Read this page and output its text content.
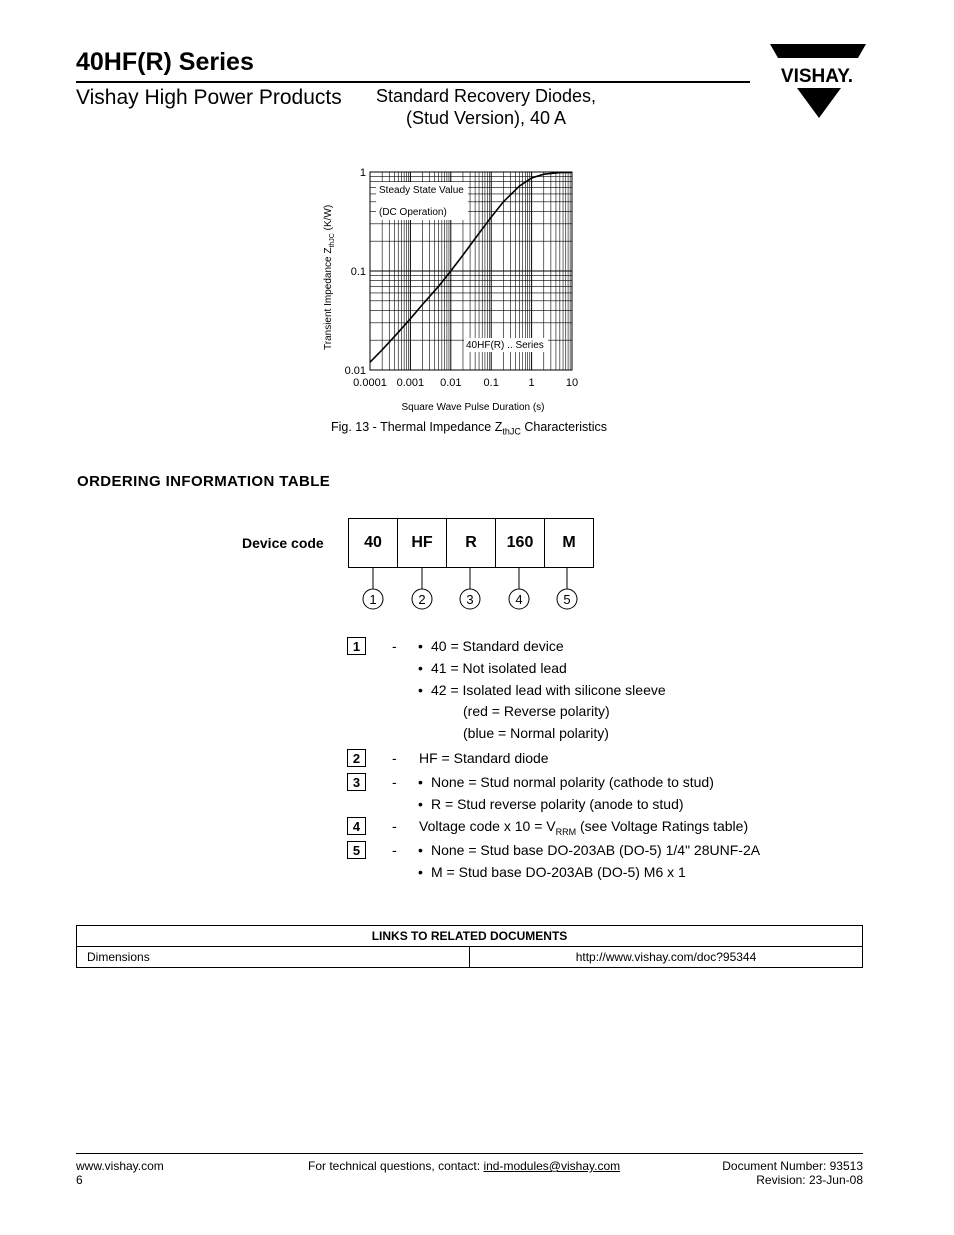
40HF(R) Series
Vishay High Power Products	Standard Recovery Diodes,
(Stud Version), 40 A
VISHAY.
0.0001 0.001 0.01 0.1	1	10
0.01
0.1
1
Steady State Value
(DC Operation)
40HF(R) .. Series
Square Wave Pulse Duration (s)
Transient Impedance $Z_{thJC}$ (K/W)
Fig. 13 - Thermal Impedance $Z_{thJC}$ Characteristics
ORDERING INFORMATION TABLE
Device code	40	HF	R	160	M
1	2	3	4	5
1	- • 40 = Standard device
• 41 = Not isolated lead
• 42 = Isolated lead with silicone sleeve
(red = Reverse polarity)
(blue = Normal polarity)
2	- HF = Standard diode
3	- • None = Stud normal polarity (cathode to stud)
• R = Stud reverse polarity (anode to stud)
4	- Voltage code x $10 = V_{RRM}$ (see Voltage Ratings table)
5	- • None = Stud base DO-203AB (DO-5) 1/4" 28UNF-2A
• M = Stud base DO-203AB (DO-5) M6 x 1
LINKS TO RELATED DOCUMENTS
Dimensions	http://www.vishay.com/doc?95344
www.vishay.com
6
For technical questions, contact: ind-modules@vishay.com	Document Number: 93513
Revision: 23-Jun-08
